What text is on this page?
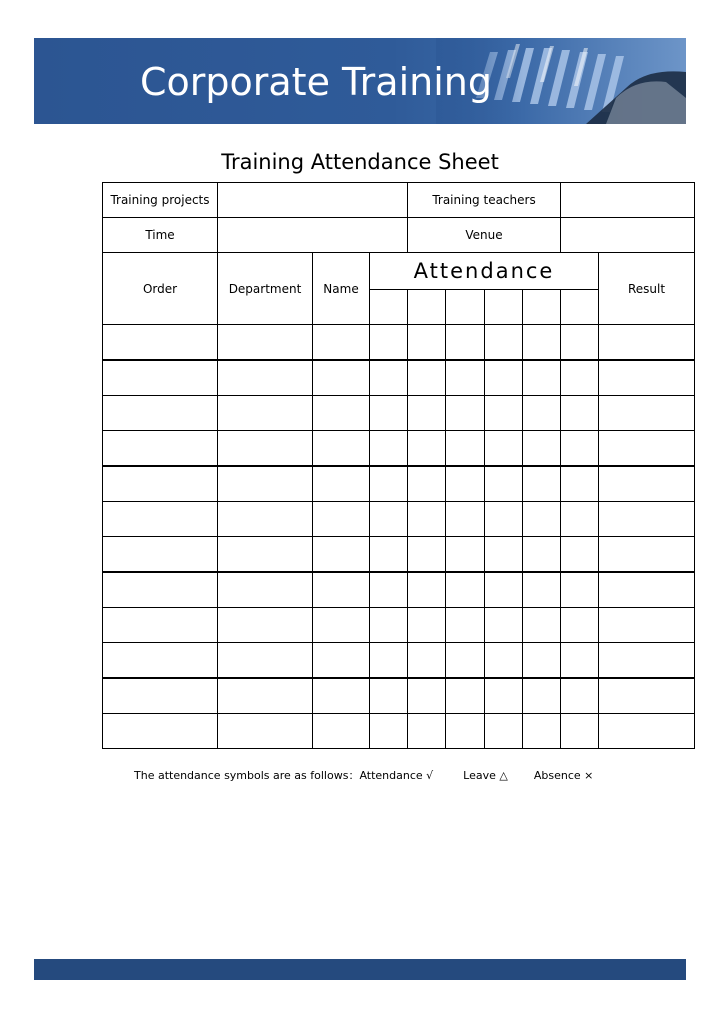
Corporate Training
Training Attendance Sheet
Training projects				Training teachers					
Time				Venue					
Order	Department	Name	Attendance						Result

The attendance symbols are as follows：Attendance √	Leave △ Absence ×
